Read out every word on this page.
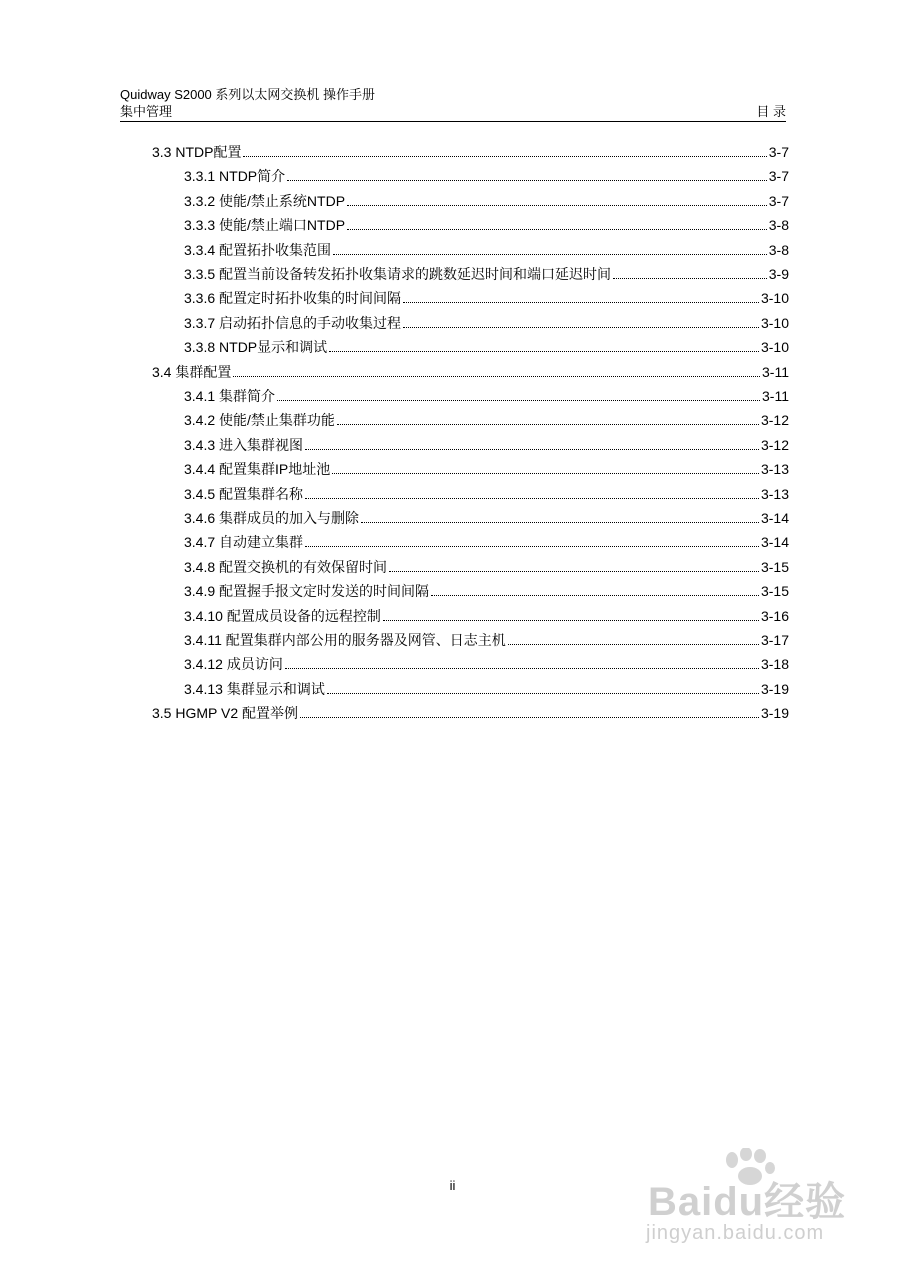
Quidway S2000 系列以太网交换机 操作手册
集中管理	目 录
3.3 NTDP配置	3-7
3.3.1 NTDP简介	3-7
3.3.2 使能/禁止系统NTDP	3-7
3.3.3 使能/禁止端口NTDP	3-8
3.3.4 配置拓扑收集范围	3-8
3.3.5 配置当前设备转发拓扑收集请求的跳数延迟时间和端口延迟时间	3-9
3.3.6 配置定时拓扑收集的时间间隔	3-10
3.3.7 启动拓扑信息的手动收集过程	3-10
3.3.8 NTDP显示和调试	3-10
3.4 集群配置	3-11
3.4.1 集群简介	3-11
3.4.2 使能/禁止集群功能	3-12
3.4.3 进入集群视图	3-12
3.4.4 配置集群IP地址池	3-13
3.4.5 配置集群名称	3-13
3.4.6 集群成员的加入与删除	3-14
3.4.7 自动建立集群	3-14
3.4.8 配置交换机的有效保留时间	3-15
3.4.9 配置握手报文定时发送的时间间隔	3-15
3.4.10 配置成员设备的远程控制	3-16
3.4.11 配置集群内部公用的服务器及网管、日志主机	3-17
3.4.12 成员访问	3-18
3.4.13 集群显示和调试	3-19
3.5 HGMP V2 配置举例	3-19
ii	Baidu经验
jingyan.baidu.com
